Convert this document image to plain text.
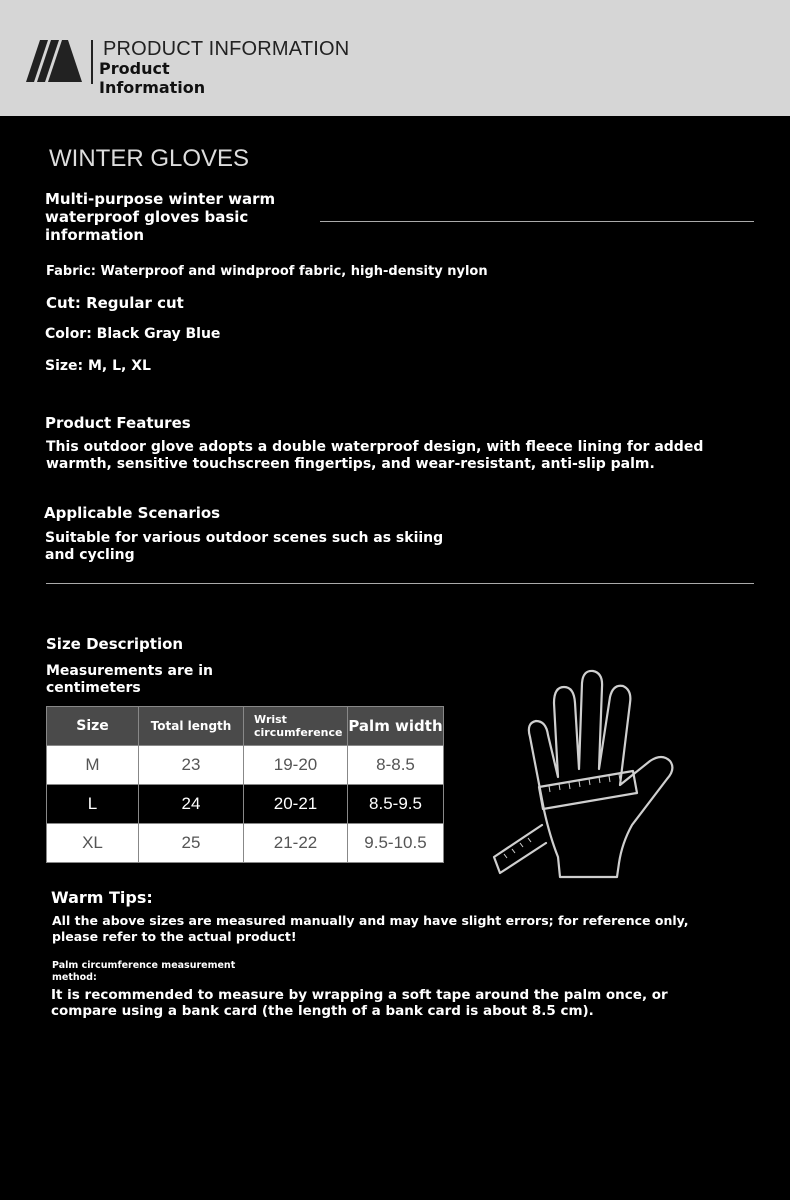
PRODUCT INFORMATION
Product Information
WINTER GLOVES
Multi-purpose winter warm waterproof gloves basic information
Fabric: Waterproof and windproof fabric, high-density nylon
Cut: Regular cut
Color: Black Gray Blue
Size: M, L, XL
Product Features
This outdoor glove adopts a double waterproof design, with fleece lining for added warmth, sensitive touchscreen fingertips, and wear-resistant, anti-slip palm.
Applicable Scenarios
Suitable for various outdoor scenes such as skiing and cycling
Size Description
Measurements are in centimeters
Size	Total length	Wrist circumference	Palm width
M	23	19-20	8-8.5
L	24	20-21	8.5-9.5
XL	25	21-22	9.5-10.5
Warm Tips:
All the above sizes are measured manually and may have slight errors; for reference only, please refer to the actual product!
Palm circumference measurement method:
It is recommended to measure by wrapping a soft tape around the palm once, or compare using a bank card (the length of a bank card is about 8.5 cm).
